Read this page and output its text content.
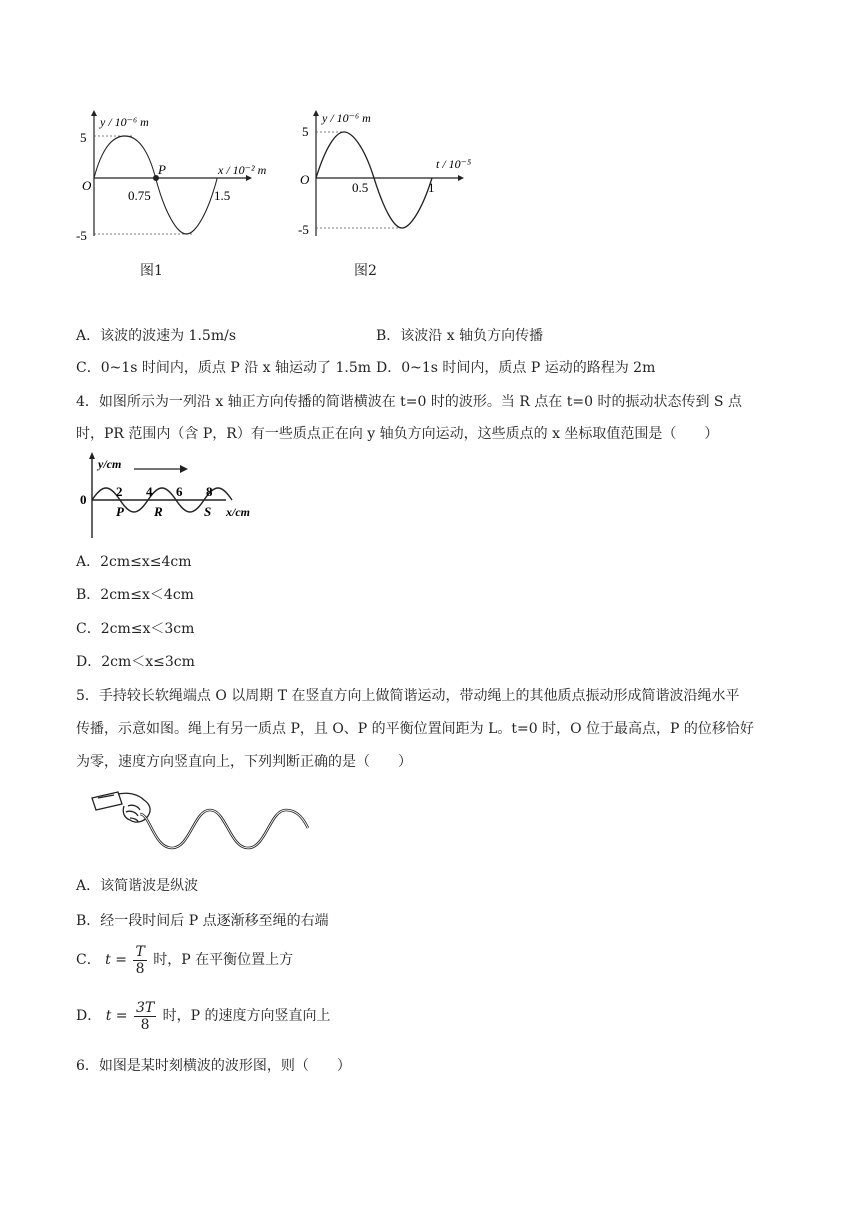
5
-5
O
P
0.75	1.5
y / 10⁻⁶ m
x / 10⁻² m
图1
5
-5
O
0.5	1
y / 10⁻⁶ m
t / 10⁻⁵
图2
A．该波的波速为 1.5m/s	B．该波沿 x 轴负方向传播
C．0~1s 时间内，质点 P 沿 x 轴运动了 1.5m D．0~1s 时间内，质点 P 运动的路程为 2m
4．如图所示为一列沿 x 轴正方向传播的简谐横波在 t=0 时的波形。当 R 点在 t=0 时的振动状态传到 S 点
时，PR 范围内（含 P，R）有一些质点正在向 y 轴负方向运动，这些质点的 x 坐标取值范围是（　　）
0
y/cm
x/cm
2 4 6 8
P R	S
A．2cm≤x≤4cm
B．2cm≤x＜4cm
C．2cm≤x＜3cm
D．2cm＜x≤3cm
5．手持较长软绳端点 O 以周期 T 在竖直方向上做简谐运动，带动绳上的其他质点振动形成简谐波沿绳水平
传播，示意如图。绳上有另一质点 P，且 O、P 的平衡位置间距为 L。t=0 时，O 位于最高点，P 的位移恰好
为零，速度方向竖直向上，下列判断正确的是（　　）
A．该简谐波是纵波
B．经一段时间后 P 点逐渐移至绳的右端
C． $t = \frac{T}{8}$ 时，P 在平衡位置上方
D． $t = \frac{3T}{8}$ 时，P 的速度方向竖直向上
6．如图是某时刻横波的波形图，则（　　）
